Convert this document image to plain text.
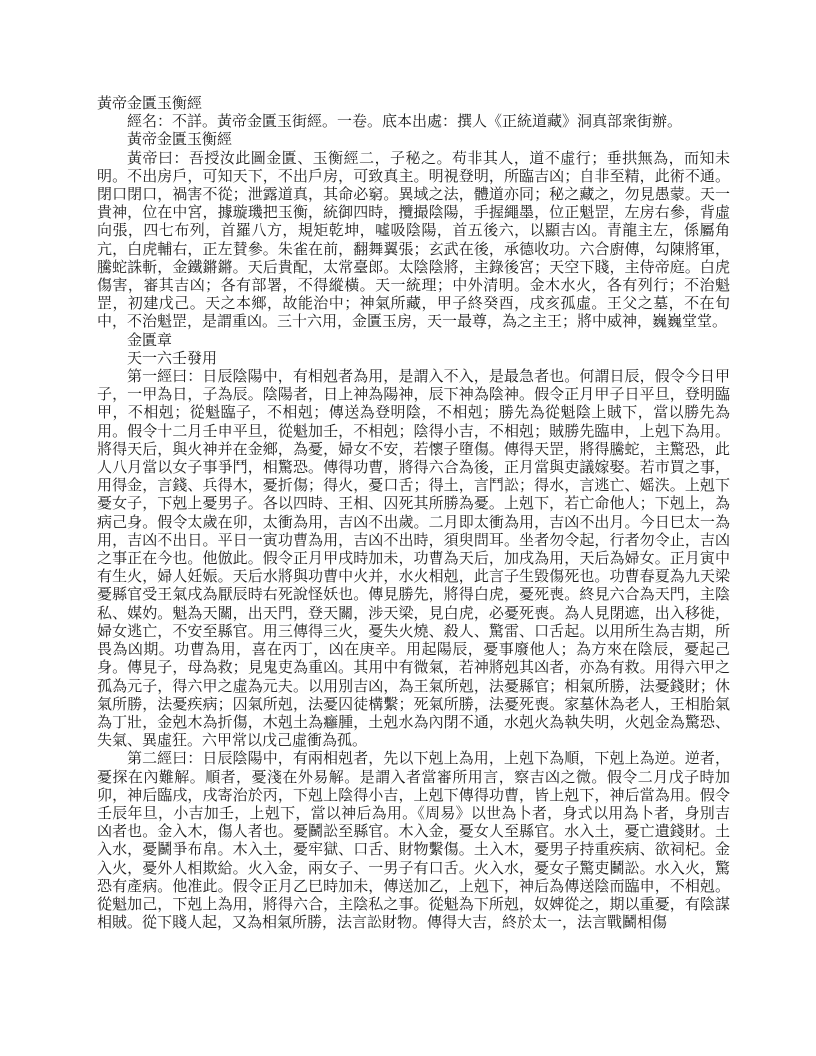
黃帝金匱玉衡經

經名：不詳。黃帝金匱玉街經。一卷。底本出處：撰人《正統道藏》洞真部衆街辦。

黃帝金匱玉衡經

黃帝曰：吾授汝此圖金匱、玉衡經二，子秘之。苟非其人，道不虛行；垂拱無為，而知未明。不出房戶，可知天下，不出戶房，可致真主。明視登明，所臨吉凶；自非至精，此術不通。閉口閉口，禍害不從；泄露道真，其命必窮。異域之法，體道亦同；秘之藏之，勿見愚蒙。天一貴神，位在中宮，據璇璣把玉衡，統御四時，攬撮陰陽，手握繩墨，位正魁罡，左房右參，背虛向張，四七布列，首羅八方，規矩乾坤，噓吸陰陽，首五後六，以顯吉凶。青龍主左，係屬角亢，白虎輔右，正左賛參。朱雀在前，翻舞翼張；玄武在後，承德收功。六合廚傳，勾陳將軍，騰蛇誅斬，金鐵鏘鏘。天后貴配，太常臺郎。太陰陰將，主錄後宮；天空下賤，主侍帝庭。白虎傷害，審其吉凶；各有部署，不得縱橫。天一統理；中外清明。金木水火，各有列行；不治魁罡，初建戊己。天之本鄉，故能治中；神氣所藏，甲子終癸酉，戌亥孤虛。王父之墓，不在旬中，不治魁罡，是謂重凶。三十六用，金匱玉房，天一最尊，為之主王；將中威神，巍巍堂堂。

金匱章

天一六壬發用

第一經曰：日辰陰陽中，有相剋者為用，是謂入不入，是最急者也。何謂日辰，假令今日甲子，一甲為日，子為辰。陰陽者，日上神為陽神，辰下神為陰神。假令正月甲子日平旦，登明臨甲，不相剋；從魁臨子，不相剋；傳送為登明陰，不相剋；勝先為從魁陰上賊下，當以勝先為用。假令十二月壬申平旦，從魁加壬，不相剋；陰得小吉，不相剋；賊勝先臨申，上剋下為用。將得天后，與火神并在金鄉，為憂，婦女不安，若懷子墮傷。傳得天罡，將得騰蛇，主驚恐，此人八月當以女子事爭鬥，相驚恐。傳得功曹，將得六合為後，正月當與吏議嫁娶。若市買之事，用得金，言錢、兵得木，憂折傷；得火，憂口舌；得土，言鬥訟；得水，言逃亡、媱泆。上剋下憂女子，下剋上憂男子。各以四時、王相、囚死其所勝為憂。上剋下，若亡命他人；下剋上，為病己身。假令太歲在卯，太衝為用，吉凶不出歲。二月即太衝為用，吉凶不出月。今日巳太一為用，吉凶不出日。平日一寅功曹為用，吉凶不出時，須臾問耳。坐者勿令起，行者勿令止，吉凶之事正在今也。他倣此。假令正月甲戌時加未，功曹為天后，加戌為用，天后為婦女。正月寅中有生火，婦人妊娠。天后水將與功曹中火并，水火相剋，此言子生毀傷死也。功曹春夏為九天梁憂縣官受王氣戌為厭辰時右死說怪妖也。傳見勝先，將得白虎，憂死喪。終見六合為天門，主陰私、媒妁。魁為天關，出天門，登天關，涉天梁，見白虎，必憂死喪。為人見閉遮，出入移徙，婦女逃亡，不安至縣官。用三傳得三火，憂失火燒、殺人、驚雷、口舌起。以用所生為吉期，所畏為凶期。功曹為用，喜在丙丁，凶在庚辛。用起陽辰，憂事廢他人；為方來在陰辰，憂起己身。傳見子，母為救；見鬼吏為重凶。其用中有微氣，若神將剋其凶者，亦為有救。用得六甲之孤為元子，得六甲之虛為元夫。以用別吉凶，為王氣所剋，法憂縣官；相氣所勝，法憂錢財；休氣所勝，法憂疾病；囚氣所剋，法憂囚徒構繫；死氣所勝，法憂死喪。家墓休為老人，王相胎氣為丁壯，金剋木為折傷，木剋土為癰腫，土剋水為內閉不通，水剋火為執失明，火剋金為驚恐、失氣、異虛狂。六甲常以戊己虛衝為孤。

第二經曰：日辰陰陽中，有兩相剋者，先以下剋上為用，上剋下為順，下剋上為逆。逆者，憂探在內難解。順者，憂淺在外易解。是謂入者當審所用言，察吉凶之微。假令二月戊子時加卯，神后臨戌，戌寄治於丙，下剋上陰得小吉，上剋下傳得功曹，皆上剋下，神后當為用。假令壬辰年旦，小吉加壬，上剋下，當以神后為用。《周易》以世為卜者，身式以用為卜者，身別吉凶者也。金入木，傷人者也。憂鬭訟至縣官。木入金，憂女人至縣官。水入土，憂亡遺錢財。土入水，憂鬭爭布帛。木入土，憂牢獄、口舌、財物繫傷。土入木，憂男子持重疾病、欲祠杞。金入火，憂外人相欺給。火入金，兩女子、一男子有口舌。火入水，憂女子驚吏鬭訟。水入火，驚恐有產病。他准此。假令正月乙巳時加未，傳送加乙，上剋下，神后為傳送陰而臨申，不相剋。從魁加己，下剋上為用，將得六合，主陰私之事。從魁為下所剋，奴婢從之，期以重憂，有陰謀相賊。從下賤人起，又為相氣所勝，法言訟財物。傳得大吉，終於太一，法言戰鬭相傷
